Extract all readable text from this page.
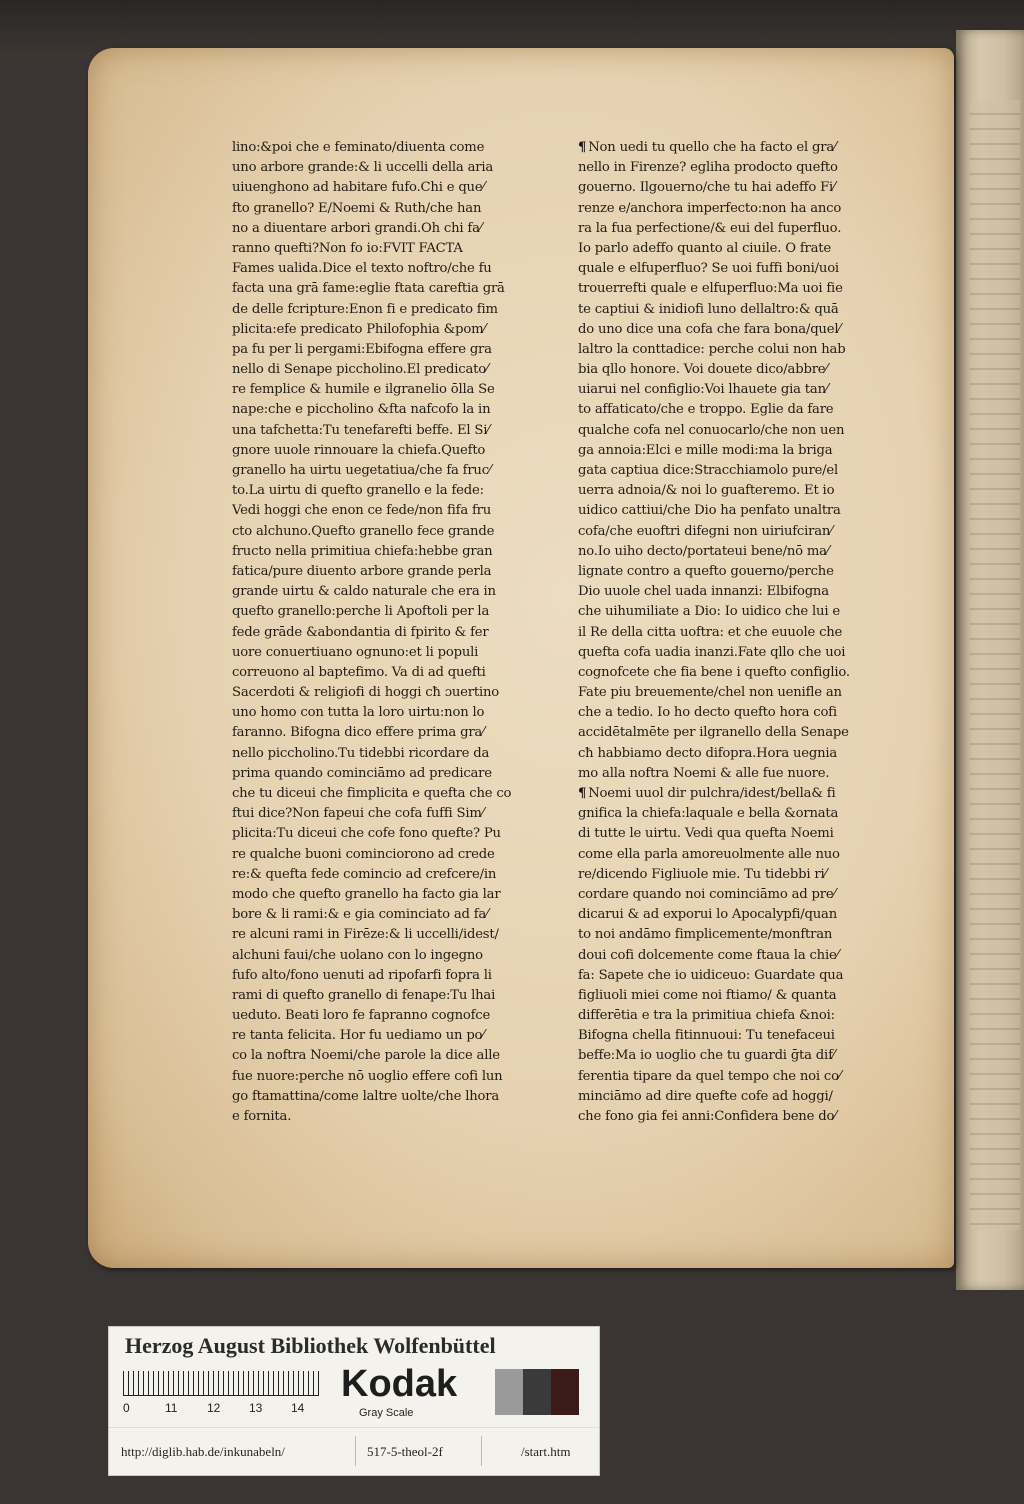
lino:&poi che e feminato/diuenta come
uno arbore grande:& li uccelli della aria
uiuenghono ad habitare fufo.Chi e que⁄
fto granello? E/Noemi & Ruth/che han
no a diuentare arbori grandi.Oh chi fa⁄
ranno quefti?Non fo io:FVIT FACTA
Fames ualida.Dice el texto noftro/che fu
facta una grā fame:eglie ftata careftia grā
de delle fcripture:Enon fi e predicato fim
plicita:efe predicato Philofophia &pom⁄
pa fu per li pergami:Ebifogna effere gra
nello di Senape piccholino.El predicato⁄
re femplice & humile e ilgranelio ōlla Se
nape:che e piccholino &fta nafcofo la in
una tafchetta:Tu tenefarefti beffe. El Si⁄
gnore uuole rinnouare la chiefa.Quefto
granello ha uirtu uegetatiua/che fa fruc⁄
to.La uirtu di quefto granello e la fede:
Vedi hoggi che enon ce fede/non fifa fru
cto alchuno.Quefto granello fece grande
fructo nella primitiua chiefa:hebbe gran
fatica/pure diuento arbore grande perla
grande uirtu & caldo naturale che era in
quefto granello:perche li Apoftoli per la
fede grāde &abondantia di fpirito & fer
uore conuertiuano ognuno:et li populi
correuono al baptefimo. Va di ad quefti
Sacerdoti & religiofi di hoggi cħ ɔuertino
uno homo con tutta la loro uirtu:non lo
faranno. Bifogna dico effere prima gra⁄
nello piccholino.Tu tidebbi ricordare da
prima quando cominciāmo ad predicare
che tu diceui che fimplicita e quefta che co
ftui dice?Non fapeui che cofa fuffi Sim⁄
plicita:Tu diceui che cofe fono quefte? Pu
re qualche buoni cominciorono ad crede
re:& quefta fede comincio ad crefcere/in
modo che quefto granello ha facto gia lar
bore & li rami:& e gia cominciato ad fa⁄
re alcuni rami in Firēze:& li uccelli/idest/
alchuni faui/che uolano con lo ingegno
fufo alto/fono uenuti ad ripofarfi fopra li
rami di quefto granello di fenape:Tu lhai
ueduto. Beati loro fe fapranno cognofce
re tanta felicita. Hor fu uediamo un po⁄
co la noftra Noemi/che parole la dice alle
fue nuore:perche nō uoglio effere cofi lun
go ftamattina/come laltre uolte/che lhora
e fornita.
¶ Non uedi tu quello che ha facto el gra⁄
nello in Firenze? egliha prodocto quefto
gouerno. Ilgouerno/che tu hai adeffo Fi⁄
renze e/anchora imperfecto:non ha anco
ra la fua perfectione/& eui del fuperfluo.
Io parlo adeffo quanto al ciuile. O frate
quale e elfuperfluo? Se uoi fuffi boni/uoi
trouerrefti quale e elfuperfluo:Ma uoi fie
te captiui & inidiofi luno dellaltro:& quā
do uno dice una cofa che fara bona/quel⁄
laltro la conttadice: perche colui non hab
bia qllo honore. Voi douete dico/abbre⁄
uiarui nel configlio:Voi lhauete gia tan⁄
to affaticato/che e troppo. Eglie da fare
qualche cofa nel conuocarlo/che non uen
ga annoia:Elci e mille modi:ma la briga
gata captiua dice:Stracchiamolo pure/el
uerra adnoia/& noi lo guafteremo. Et io
uidico cattiui/che Dio ha penfato unaltra
cofa/che euoftri difegni non uiriufciran⁄
no.Io uiho decto/portateui bene/nō ma⁄
lignate contro a quefto gouerno/perche
Dio uuole chel uada innanzi: Elbifogna
che uihumiliate a Dio: Io uidico che lui e
il Re della citta uoftra: et che euuole che
quefta cofa uadia inanzi.Fate qllo che uoi
cognofcete che fia bene i quefto configlio.
Fate piu breuemente/chel non uenifle an
che a tedio. Io ho decto quefto hora cofi
accidētalmēte per ilgranello della Senape
cħ habbiamo decto difopra.Hora uegnia
mo alla noftra Noemi & alle fue nuore.
¶ Noemi uuol dir pulchra/idest/bella& fi
gnifica la chiefa:laquale e bella &ornata
di tutte le uirtu. Vedi qua quefta Noemi
come ella parla amoreuolmente alle nuo
re/dicendo Figliuole mie. Tu tidebbi ri⁄
cordare quando noi cominciāmo ad pre⁄
dicarui & ad exporui lo Apocalypfi/quan
to noi andāmo fimplicemente/monftran
doui cofi dolcemente come ftaua la chie⁄
fa: Sapete che io uidiceuo: Guardate qua
figliuoli miei come noi ftiamo/ & quanta
differētia e tra la primitiua chiefa &noi:
Bifogna chella fitinnuoui: Tu tenefaceui
beffe:Ma io uoglio che tu guardi ḡta dif⁄
ferentia tipare da quel tempo che noi co⁄
minciāmo ad dire quefte cofe ad hoggi/
che fono gia fei anni:Confidera bene do⁄
Herzog August Bibliothek Wolfenbüttel
0	11 12 13 14
Kodak
Gray Scale
http://diglib.hab.de/inkunabeln/	517-5-theol-2f	/start.htm
